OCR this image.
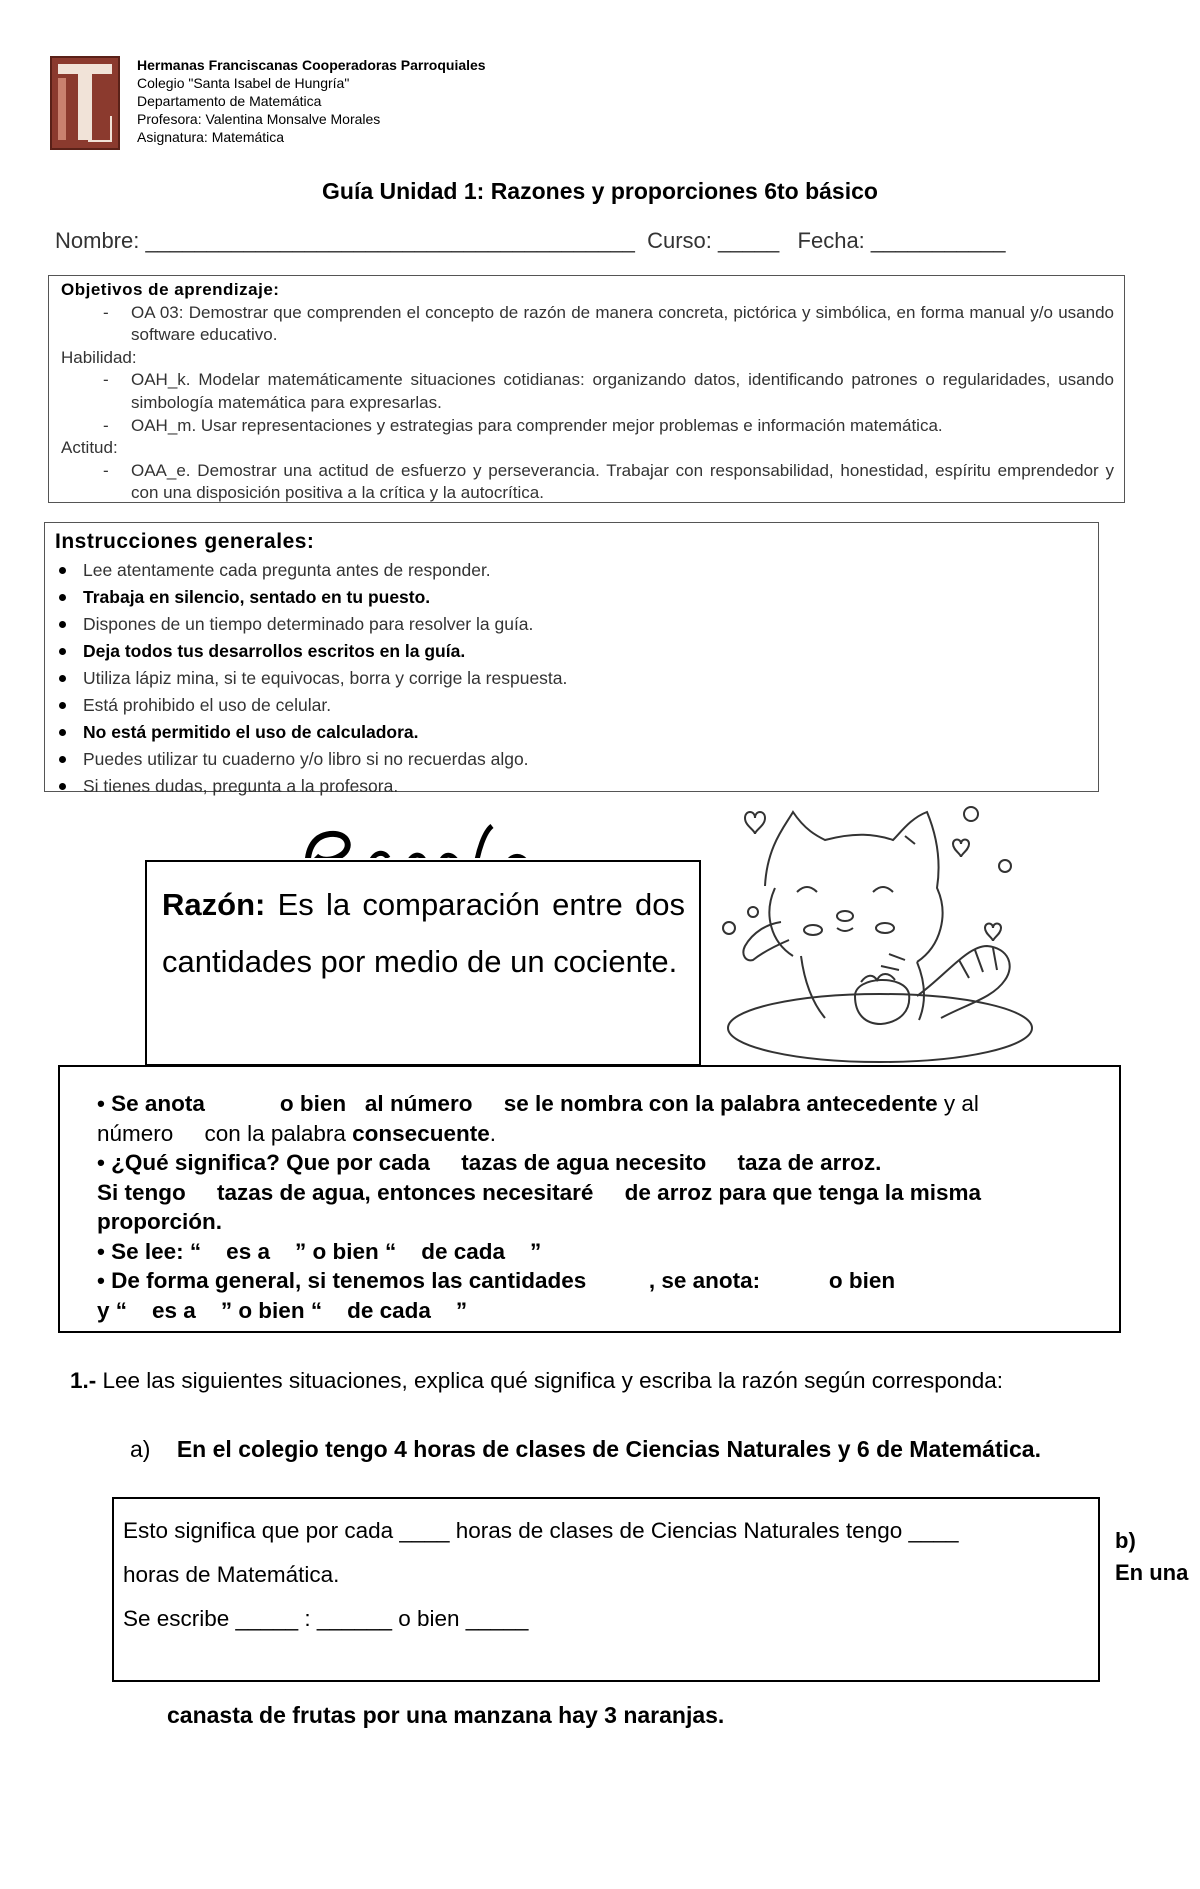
Hermanas Franciscanas Cooperadoras Parroquiales
Colegio "Santa Isabel de Hungría"
Departamento de Matemática
Profesora: Valentina Monsalve Morales
Asignatura: Matemática
Guía Unidad 1: Razones y proporciones 6to básico
Nombre: ________________________________________  Curso: _____   Fecha: ___________
Objetivos de aprendizaje:
- OA 03: Demostrar que comprenden el concepto de razón de manera concreta, pictórica y simbólica, en forma manual y/o usando software educativo.
Habilidad:
- OAH_k. Modelar matemáticamente situaciones cotidianas: organizando datos, identificando patrones o regularidades, usando simbología matemática para expresarlas.
- OAH_m. Usar representaciones y estrategias para comprender mejor problemas e información matemática.
Actitud:
- OAA_e. Demostrar una actitud de esfuerzo y perseverancia. Trabajar con responsabilidad, honestidad, espíritu emprendedor y con una disposición positiva a la crítica y la autocrítica.
Instrucciones generales:
Lee atentamente cada pregunta antes de responder.
Trabaja en silencio, sentado en tu puesto.
Dispones de un tiempo determinado para resolver la guía.
Deja todos tus desarrollos escritos en la guía.
Utiliza lápiz mina, si te equivocas, borra y corrige la respuesta.
Está prohibido el uso de celular.
No está permitido el uso de calculadora.
Puedes utilizar tu cuaderno y/o libro si no recuerdas algo.
Si tienes dudas, pregunta a la profesora.
Razón: Es la comparación entre dos cantidades por medio de un cociente.
• Se anota            o bien   al número     se le nombra con la palabra antecedente y al
número     con la palabra consecuente.
• ¿Qué significa? Que por cada     tazas de agua necesito     taza de arroz.
Si tengo     tazas de agua, entonces necesitaré     de arroz para que tenga la misma
proporción.
• Se lee: “    es a    ” o bien “    de cada    ”
• De forma general, si tenemos las cantidades          , se anota:           o bien
y “    es a    ” o bien “    de cada    ”
1.- Lee las siguientes situaciones, explica qué significa y escriba la razón según corresponda:
a) En el colegio tengo 4 horas de clases de Ciencias Naturales y 6 de Matemática.
Esto significa que por cada ____ horas de clases de Ciencias Naturales tengo ____
horas de Matemática.
Se escribe _____ : ______ o bien _____
b)
En una
canasta de frutas por una manzana hay 3 naranjas.
